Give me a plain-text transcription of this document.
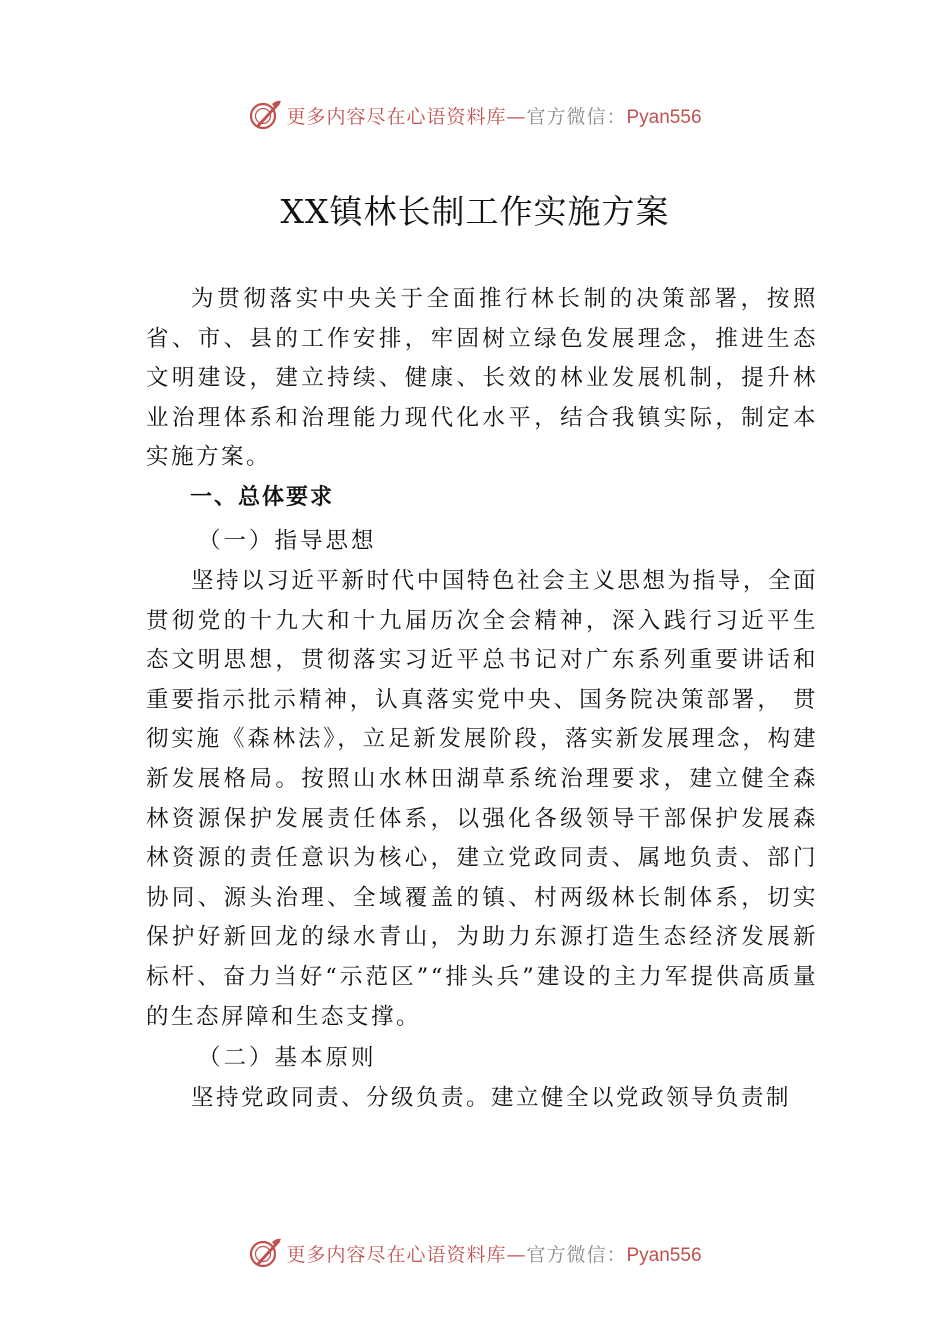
更多内容尽在心语资料库—官方微信：Pyan556
XX镇林长制工作实施方案

为贯彻落实中央关于全面推行林长制的决策部署，按照省、市、县的工作安排，牢固树立绿色发展理念，推进生态文明建设，建立持续、健康、长效的林业发展机制，提升林业治理体系和治理能力现代化水平，结合我镇实际，制定本实施方案。

一、总体要求
（一）指导思想

坚持以习近平新时代中国特色社会主义思想为指导，全面贯彻党的十九大和十九届历次全会精神，深入践行习近平生态文明思想，贯彻落实习近平总书记对广东系列重要讲话和重要指示批示精神，认真落实党中央、国务院决策部署， 贯彻实施《森林法》，立足新发展阶段，落实新发展理念，构建新发展格局。按照山水林田湖草系统治理要求，建立健全森林资源保护发展责任体系，以强化各级领导干部保护发展森林资源的责任意识为核心，建立党政同责、属地负责、部门协同、源头治理、全域覆盖的镇、村两级林长制体系，切实保护好新回龙的绿水青山，为助力东源打造生态经济发展新标杆、奋力当好“示范区”“排头兵”建设的主力军提供高质量的生态屏障和生态支撑。

（二）基本原则

坚持党政同责、分级负责。建立健全以党政领导负责制

更多内容尽在心语资料库—官方微信：Pyan556
